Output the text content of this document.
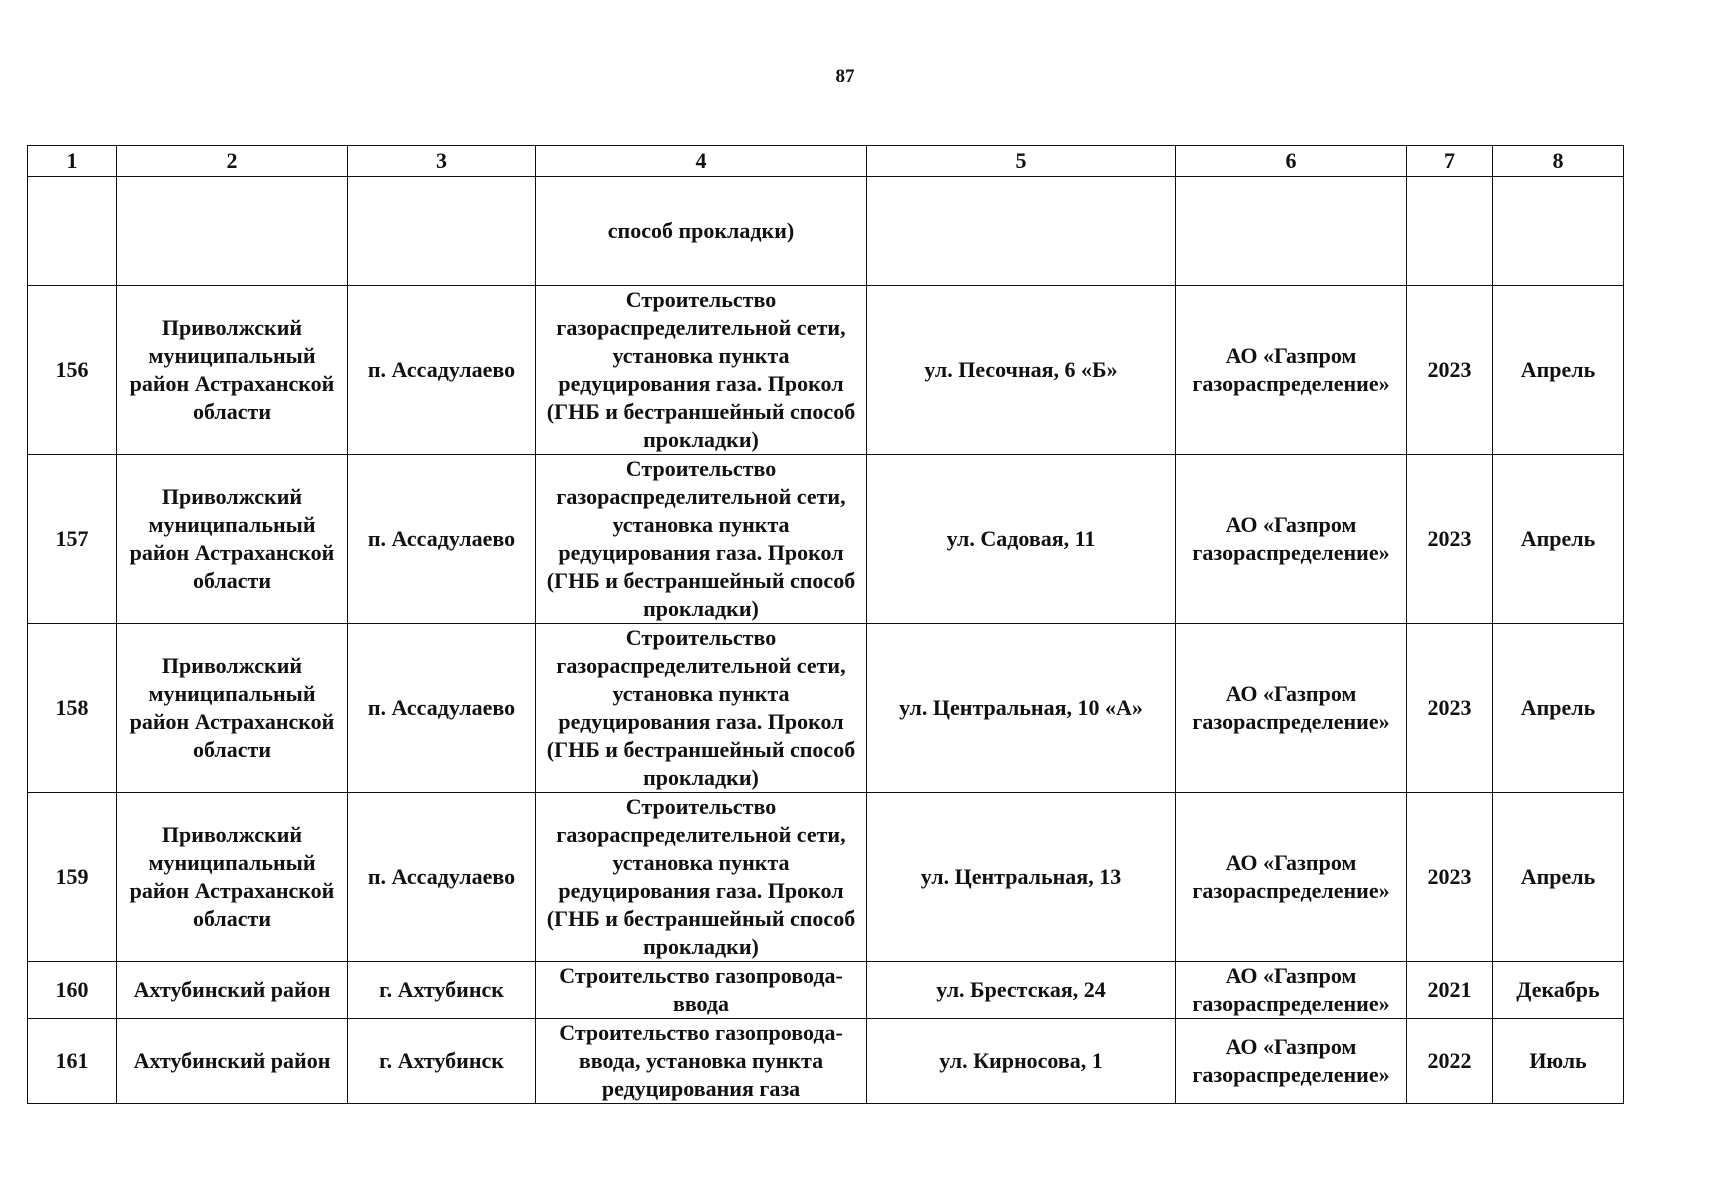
87
1	2	3	4	5	6	7	8
			способ прокладки)				
156	Приволжский муниципальный район Астраханской области	п. Ассадулаево	Строительство газораспределительной сети, установка пункта редуцирования газа. Прокол (ГНБ и бестраншейный способ прокладки)	ул. Песочная, 6 «Б»	АО «Газпром газораспределение»	2023	Апрель
157	Приволжский муниципальный район Астраханской области	п. Ассадулаево	Строительство газораспределительной сети, установка пункта редуцирования газа. Прокол (ГНБ и бестраншейный способ прокладки)	ул. Садовая, 11	АО «Газпром газораспределение»	2023	Апрель
158	Приволжский муниципальный район Астраханской области	п. Ассадулаево	Строительство газораспределительной сети, установка пункта редуцирования газа. Прокол (ГНБ и бестраншейный способ прокладки)	ул. Центральная, 10 «А»	АО «Газпром газораспределение»	2023	Апрель
159	Приволжский муниципальный район Астраханской области	п. Ассадулаево	Строительство газораспределительной сети, установка пункта редуцирования газа. Прокол (ГНБ и бестраншейный способ прокладки)	ул. Центральная, 13	АО «Газпром газораспределение»	2023	Апрель
160	Ахтубинский район	г. Ахтубинск	Строительство газопровода-ввода	ул. Брестская, 24	АО «Газпром газораспределение»	2021	Декабрь
161	Ахтубинский район	г. Ахтубинск	Строительство газопровода-ввода, установка пункта редуцирования газа	ул. Кирносова, 1	АО «Газпром газораспределение»	2022	Июль
